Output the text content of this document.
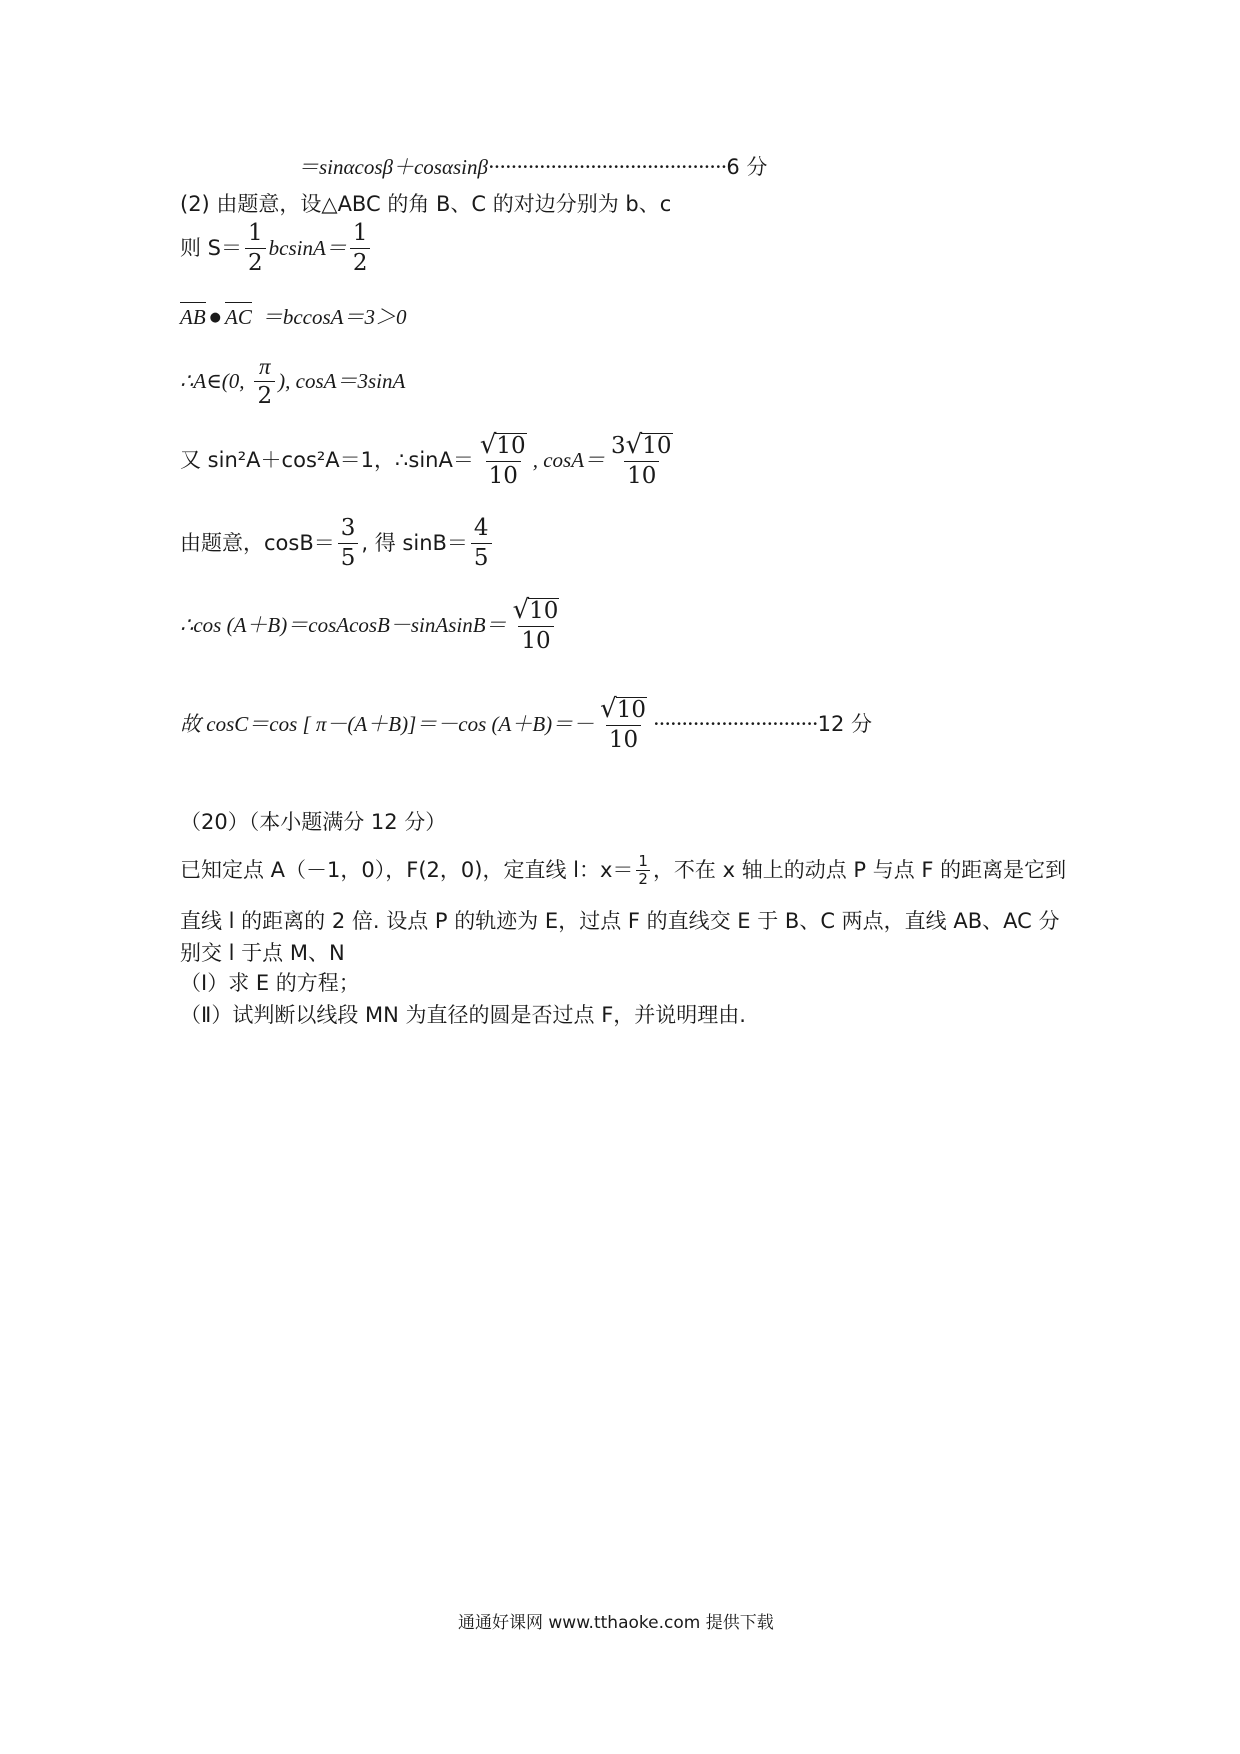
＝sinαcosβ＋cosαsinβ ·········································· 6 分
(2) 由题意，设△ABC 的角 B、C 的对边分别为 b、c
则 $S= \frac{1}{2} bcsinA= \frac{1}{2}$
AB ● AC ＝bccosA＝3＞0
∴A∈(0, $\frac{\pi}{2}$ ), cosA＝3sinA
又 sin²A＋cos²A＝1，∴sinA＝ $\frac{√ 10}{10}$ , $\cos A= \frac{3 √ 10}{10}$
由题意，$\cos B= \frac{3}{5}$ , 得 $\sin B= \frac{4}{5}$
∴cos (A＋B)＝cosAcosB－sinAsinB＝ $\frac{√ 10}{10}$
故 cosC＝cos [ π－(A＋B)]＝－cos $(A+B)=- \frac{√ 10}{10}$ ····························· 12 分
（20）（本小题满分 12 分）
已知定点 A（－1，0），F(2，0)，定直线 l：$x= \frac{1}{2}$ ，不在 x 轴上的动点 P 与点 F 的距离是它到
直线 l 的距离的 2 倍. 设点 P 的轨迹为 E，过点 F 的直线交 E 于 B、C 两点，直线 AB、AC 分
别交 l 于点 M、N
（Ⅰ）求 E 的方程；
（Ⅱ）试判断以线段 MN 为直径的圆是否过点 F，并说明理由.
通通好课网 www.tthaoke.com 提供下载
